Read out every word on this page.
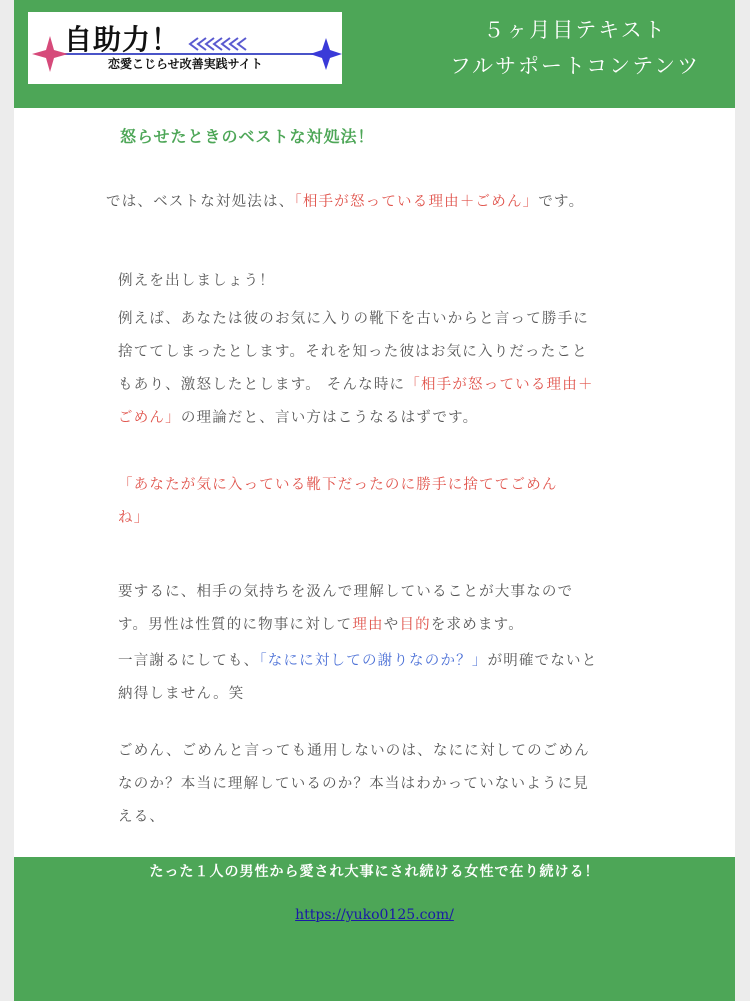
自助力！
恋愛こじらせ改善実践サイト
５ヶ月目テキスト
フルサポートコンテンツ
怒らせたときのベストな対処法！
では、ベストな対処法は、「相手が怒っている理由＋ごめん」です。
例えを出しましょう！
例えば、あなたは彼のお気に入りの靴下を古いからと言って勝手に
捨ててしまったとします。それを知った彼はお気に入りだったこと
もあり、激怒したとします。 そんな時に「相手が怒っている理由＋
ごめん」の理論だと、言い方はこうなるはずです。
「あなたが気に入っている靴下だったのに勝手に捨ててごめん
ね」
要するに、相手の気持ちを汲んで理解していることが大事なので
す。男性は性質的に物事に対して理由や目的を求めます。
一言謝るにしても、「なにに対しての謝りなのか？」が明確でないと
納得しません。笑
ごめん、ごめんと言っても通用しないのは、なにに対してのごめん
なのか？本当に理解しているのか？本当はわかっていないように見
える、
たった１人の男性から愛され大事にされ続ける女性で在り続ける！
https://yuko0125.com/
